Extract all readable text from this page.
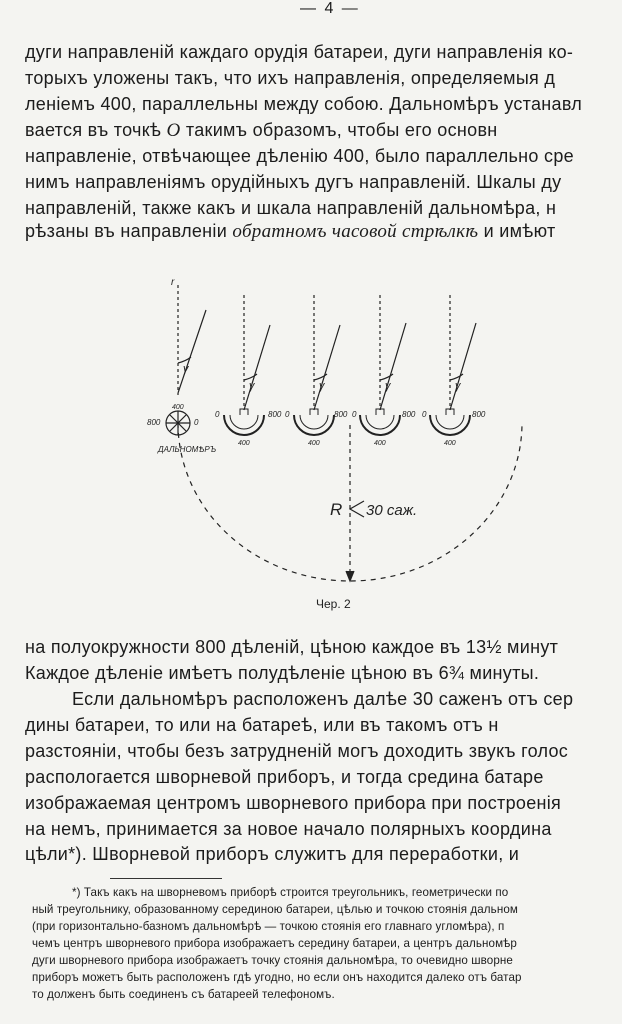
— 4 —
дуги направленій каждаго орудія батареи, дуги направленія ко-
торыхъ уложены такъ, что ихъ направленія, определяемыя д
леніемъ 400, параллельны между собою. Дальномѣръ устанавл
вается въ точкѣ O такимъ образомъ, чтобы его основн
направленіе, отвѣчающее дѣленію 400, было параллельно сре
нимъ направленіямъ орудійныхъ дугъ направленій. Шкалы ду
направленій, также какъ и шкала направленій дальномѣра, н
рѣзаны въ направленіи обратномъ часовой стрѣлкѣ и имѣют
r
γ
γ	γ	γ	γ
400
800	0
ДАЛЬНОМѢРЪ
0	800
400
0	800
400
0	800
400
0	800
400
R 30 саж.
Чер. 2
на полуокружности 800 дѣленій, цѣною каждое въ 13½ минут
Каждое дѣленіе имѣетъ полудѣленіе цѣною въ 6¾ минуты.
Если дальномѣръ расположенъ далѣе 30 саженъ отъ сер
дины батареи, то или на батареѣ, или въ такомъ отъ н
разстояніи, чтобы безъ затрудненій могъ доходить звукъ голос
распологается шворневой приборъ, и тогда средина батаре
изображаемая центромъ шворневого прибора при построенія
на немъ, принимается за новое начало полярныхъ координа
цѣли*). Шворневой приборъ служитъ для переработки, и
*) Такъ какъ на шворневомъ приборѣ строится треугольникъ, геометрически по
ный треугольнику, образованному серединою батареи, цѣлью и точкою стоянія дальном
(при горизонтально-базномъ дальномѣрѣ — точкою стоянія его главнаго угломѣра), п
чемъ центръ шворневого прибора изображаетъ середину батареи, а центръ дальномѣр
дуги шворневого прибора изображаетъ точку стоянія дальномѣра, то очевидно шворне
приборъ можетъ быть расположенъ гдѣ угодно, но если онъ находится далеко отъ батар
то долженъ быть соединенъ съ батареей телефономъ.
